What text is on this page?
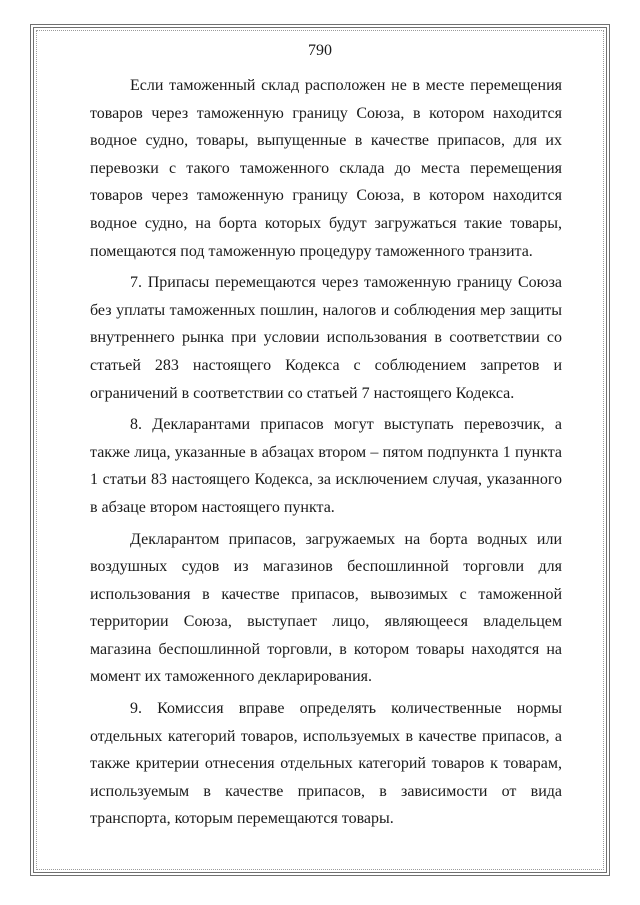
790

Если таможенный склад расположен не в месте перемещения товаров через таможенную границу Союза, в котором находится водное судно, товары, выпущенные в качестве припасов, для их перевозки с такого таможенного склада до места перемещения товаров через таможенную границу Союза, в котором находится водное судно, на борта которых будут загружаться такие товары, помещаются под таможенную процедуру таможенного транзита.

7. Припасы перемещаются через таможенную границу Союза без уплаты таможенных пошлин, налогов и соблюдения мер защиты внутреннего рынка при условии использования в соответствии со статьей 283 настоящего Кодекса с соблюдением запретов и ограничений в соответствии со статьей 7 настоящего Кодекса.

8. Декларантами припасов могут выступать перевозчик, а также лица, указанные в абзацах втором – пятом подпункта 1 пункта 1 статьи 83 настоящего Кодекса, за исключением случая, указанного в абзаце втором настоящего пункта.

Декларантом припасов, загружаемых на борта водных или воздушных судов из магазинов беспошлинной торговли для использования в качестве припасов, вывозимых с таможенной территории Союза, выступает лицо, являющееся владельцем магазина беспошлинной торговли, в котором товары находятся на момент их таможенного декларирования.

9. Комиссия вправе определять количественные нормы отдельных категорий товаров, используемых в качестве припасов, а также критерии отнесения отдельных категорий товаров к товарам, используемым в качестве припасов, в зависимости от вида транспорта, которым перемещаются товары.
